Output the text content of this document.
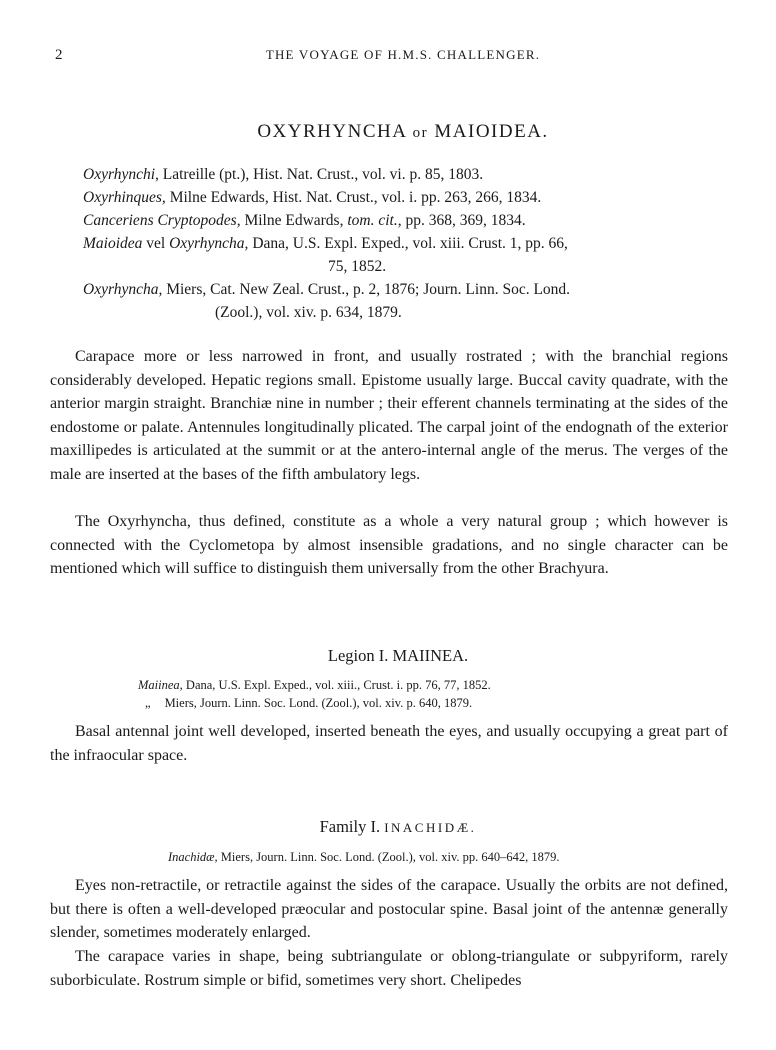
2	THE VOYAGE OF H.M.S. CHALLENGER.
OXYRHYNCHA or MAIOIDEA.
Oxyrhynchi, Latreille (pt.), Hist. Nat. Crust., vol. vi. p. 85, 1803.
Oxyrhinques, Milne Edwards, Hist. Nat. Crust., vol. i. pp. 263, 266, 1834.
Canceriens Cryptopodes, Milne Edwards, tom. cit., pp. 368, 369, 1834.
Maioidea vel Oxyrhyncha, Dana, U.S. Expl. Exped., vol. xiii. Crust. 1, pp. 66,
75, 1852.
Oxyrhyncha, Miers, Cat. New Zeal. Crust., p. 2, 1876; Journ. Linn. Soc. Lond.
(Zool.), vol. xiv. p. 634, 1879.

Carapace more or less narrowed in front, and usually rostrated ; with the branchial regions considerably developed. Hepatic regions small. Epistome usually large. Buccal cavity quadrate, with the anterior margin straight. Branchiæ nine in number ; their efferent channels terminating at the sides of the endostome or palate. Antennules longitudinally plicated. The carpal joint of the endognath of the exterior maxillipedes is articulated at the summit or at the antero-internal angle of the merus. The verges of the male are inserted at the bases of the fifth ambulatory legs.

The Oxyrhyncha, thus defined, constitute as a whole a very natural group ; which however is connected with the Cyclometopa by almost insensible gradations, and no single character can be mentioned which will suffice to distinguish them universally from the other Brachyura.

Legion I. MAIINEA.
Maiinea, Dana, U.S. Expl. Exped., vol. xiii., Crust. i. pp. 76, 77, 1852.
„ Miers, Journ. Linn. Soc. Lond. (Zool.), vol. xiv. p. 640, 1879.

Basal antennal joint well developed, inserted beneath the eyes, and usually occupying a great part of the infraocular space.

Family I. INACHIDÆ.
Inachidæ, Miers, Journ. Linn. Soc. Lond. (Zool.), vol. xiv. pp. 640–642, 1879.

Eyes non-retractile, or retractile against the sides of the carapace. Usually the orbits are not defined, but there is often a well-developed præocular and postocular spine. Basal joint of the antennæ generally slender, sometimes moderately enlarged.

The carapace varies in shape, being subtriangulate or oblong-triangulate or subpyriform, rarely suborbiculate. Rostrum simple or bifid, sometimes very short. Chelipedes
